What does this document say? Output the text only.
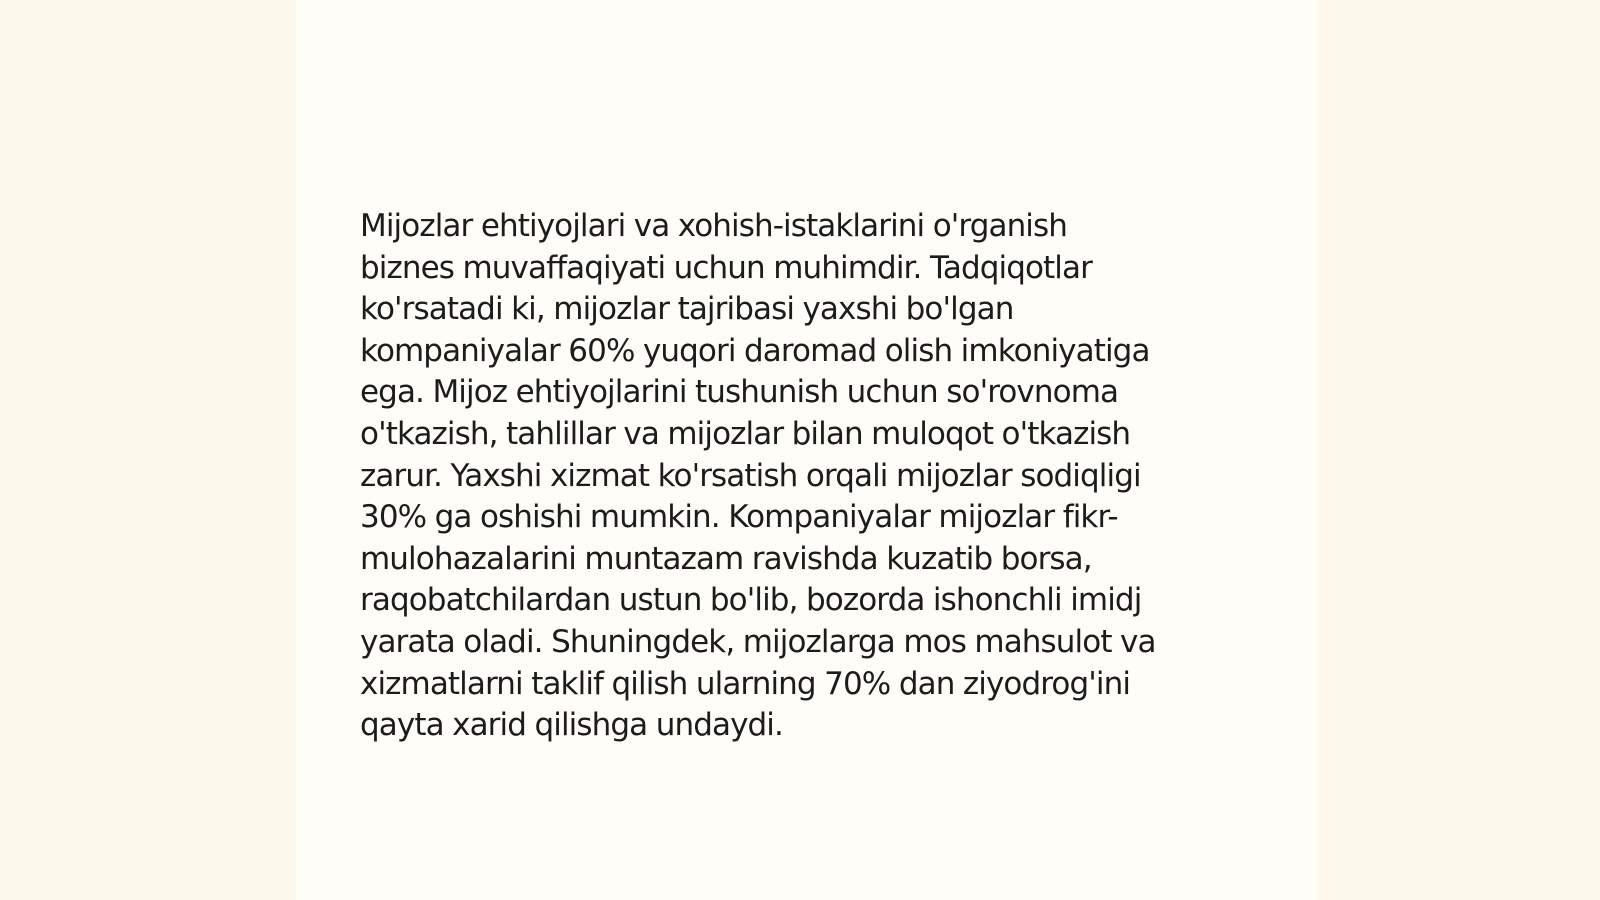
Mijozlar ehtiyojlari va xohish-istaklarini o'rganish
biznes muvaffaqiyati uchun muhimdir. Tadqiqotlar
ko'rsatadi ki, mijozlar tajribasi yaxshi bo'lgan
kompaniyalar 60% yuqori daromad olish imkoniyatiga
ega. Mijoz ehtiyojlarini tushunish uchun so'rovnoma
o'tkazish, tahlillar va mijozlar bilan muloqot o'tkazish
zarur. Yaxshi xizmat ko'rsatish orqali mijozlar sodiqligi
30% ga oshishi mumkin. Kompaniyalar mijozlar fikr-
mulohazalarini muntazam ravishda kuzatib borsa,
raqobatchilardan ustun bo'lib, bozorda ishonchli imidj
yarata oladi. Shuningdek, mijozlarga mos mahsulot va
xizmatlarni taklif qilish ularning 70% dan ziyodrog'ini
qayta xarid qilishga undaydi.
